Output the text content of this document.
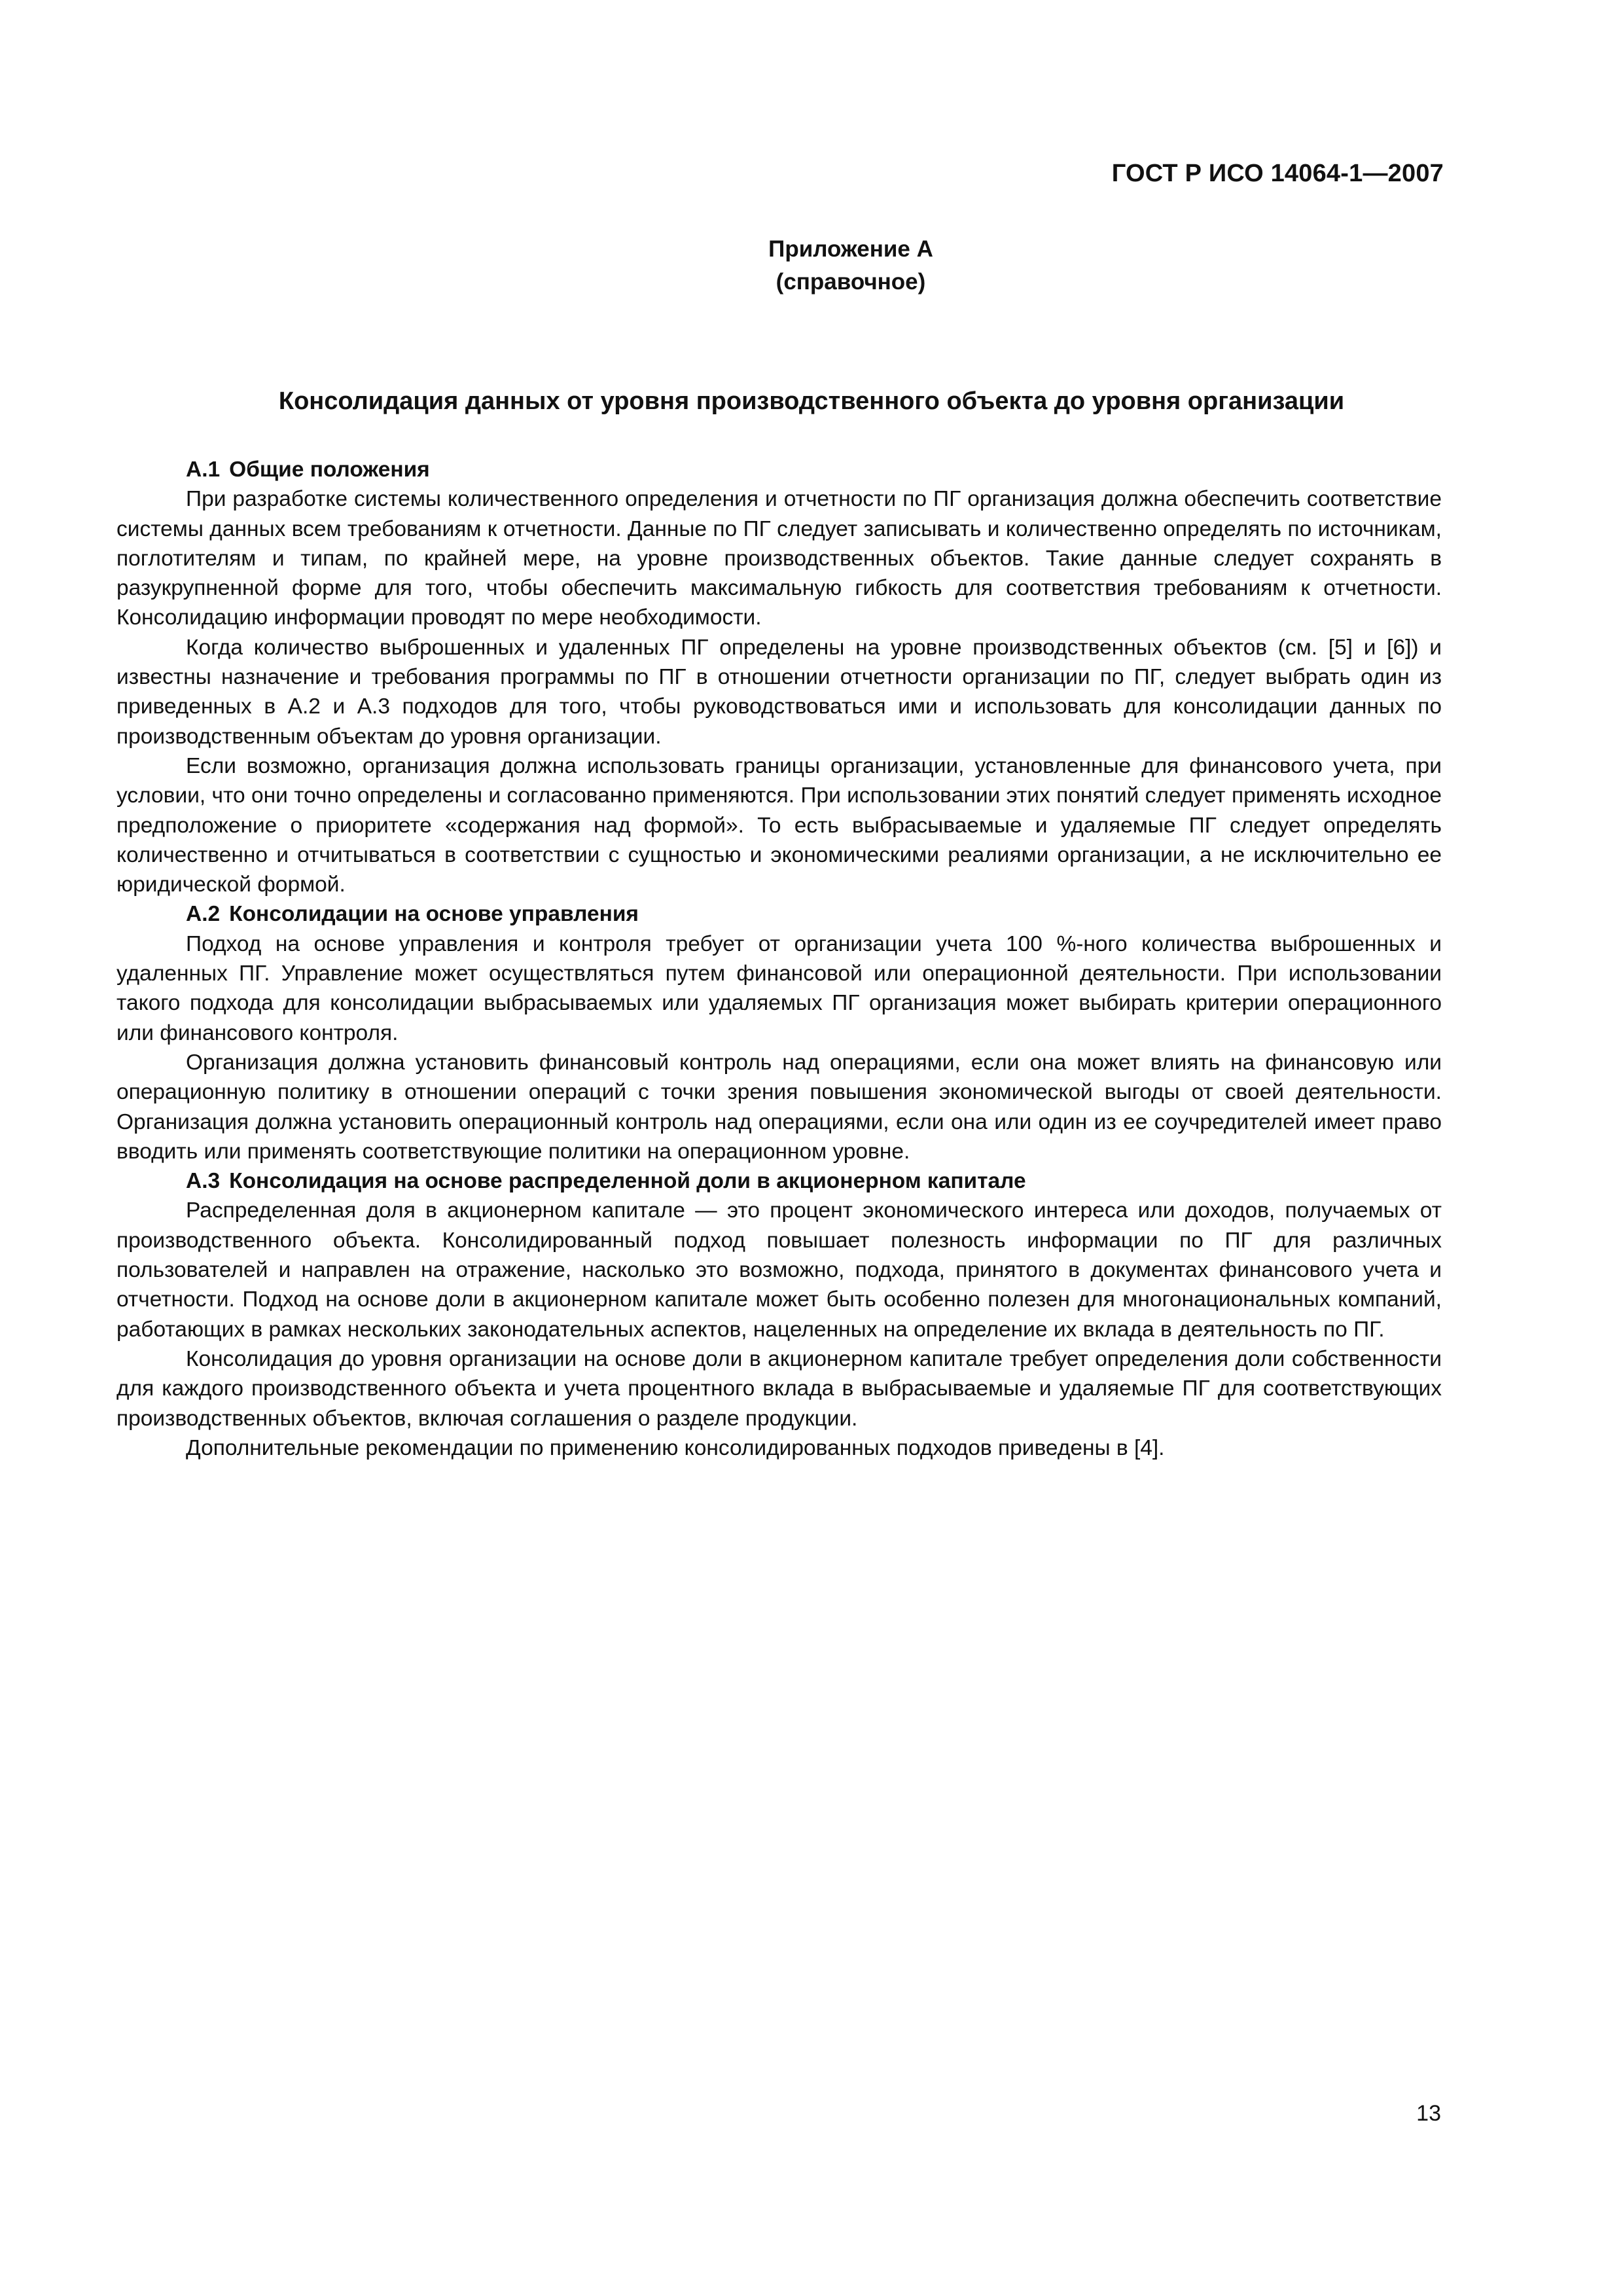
ГОСТ Р ИСО 14064-1—2007
Приложение А
(справочное)
Консолидация данных от уровня производственного объекта до уровня организации

А.1 Общие положения

При разработке системы количественного определения и отчетности по ПГ организация должна обеспечить соответствие системы данных всем требованиям к отчетности. Данные по ПГ следует записывать и количественно определять по источникам, поглотителям и типам, по крайней мере, на уровне производственных объектов. Такие данные следует сохранять в разукрупненной форме для того, чтобы обеспечить максимальную гибкость для соответствия требованиям к отчетности. Консолидацию информации проводят по мере необходимости.

Когда количество выброшенных и удаленных ПГ определены на уровне производственных объектов (см. [5] и [6]) и известны назначение и требования программы по ПГ в отношении отчетности организации по ПГ, следует выбрать один из приведенных в А.2 и А.3 подходов для того, чтобы руководствоваться ими и использовать для консолидации данных по производственным объектам до уровня организации.

Если возможно, организация должна использовать границы организации, установленные для финансового учета, при условии, что они точно определены и согласованно применяются. При использовании этих понятий следует применять исходное предположение о приоритете «содержания над формой». То есть выбрасываемые и удаляемые ПГ следует определять количественно и отчитываться в соответствии с сущностью и экономическими реалиями организации, а не исключительно ее юридической формой.

А.2 Консолидации на основе управления

Подход на основе управления и контроля требует от организации учета 100 %-ного количества выброшенных и удаленных ПГ. Управление может осуществляться путем финансовой или операционной деятельности. При использовании такого подхода для консолидации выбрасываемых или удаляемых ПГ организация может выбирать критерии операционного или финансового контроля.

Организация должна установить финансовый контроль над операциями, если она может влиять на финансовую или операционную политику в отношении операций с точки зрения повышения экономической выгоды от своей деятельности. Организация должна установить операционный контроль над операциями, если она или один из ее соучредителей имеет право вводить или применять соответствующие политики на операционном уровне.

А.3 Консолидация на основе распределенной доли в акционерном капитале

Распределенная доля в акционерном капитале — это процент экономического интереса или доходов, получаемых от производственного объекта. Консолидированный подход повышает полезность информации по ПГ для различных пользователей и направлен на отражение, насколько это возможно, подхода, принятого в документах финансового учета и отчетности. Подход на основе доли в акционерном капитале может быть особенно полезен для многонациональных компаний, работающих в рамках нескольких законодательных аспектов, нацеленных на определение их вклада в деятельность по ПГ.

Консолидация до уровня организации на основе доли в акционерном капитале требует определения доли собственности для каждого производственного объекта и учета процентного вклада в выбрасываемые и удаляемые ПГ для соответствующих производственных объектов, включая соглашения о разделе продукции.

Дополнительные рекомендации по применению консолидированных подходов приведены в [4].

13
